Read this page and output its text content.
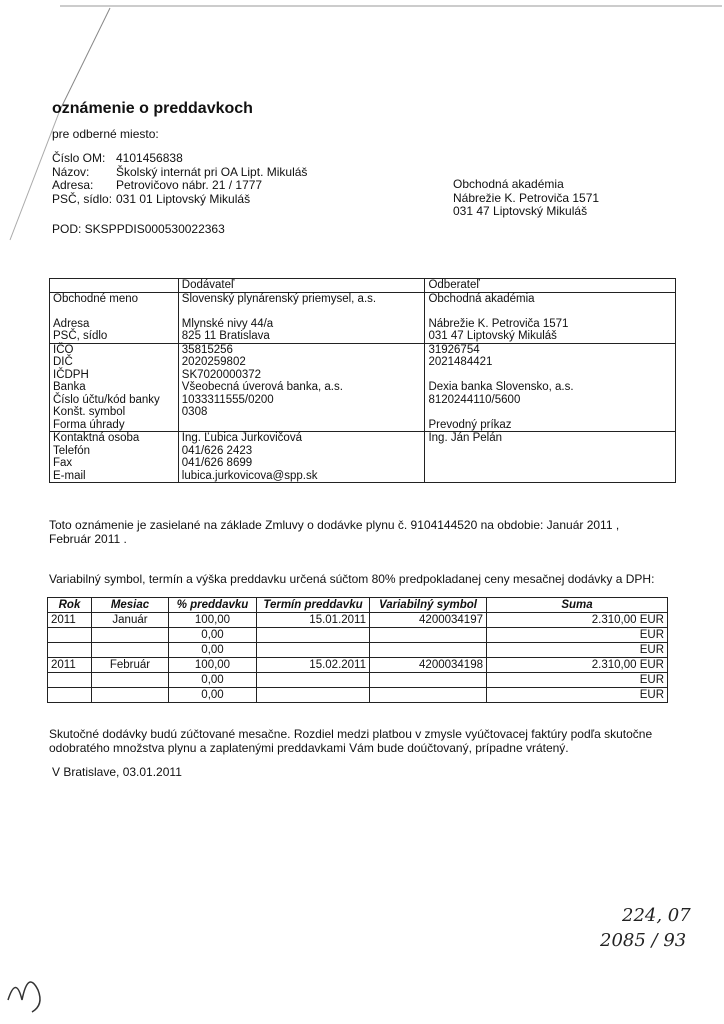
oznámenie o preddavkoch
pre odberné miesto:
Číslo OM: 4101456838
Názov: Školský internát pri OA Lipt. Mikuláš
Adresa: Petrovičovo nábr. 21 / 1777
PSČ, sídlo: 031 01 Liptovský Mikuláš
Obchodná akadémia
Nábrežie K. Petroviča 1571
031 47 Liptovský Mikuláš
POD: SKSPPDIS000530022363
	Dodávateľ	Odberateľ
Obchodné meno	Slovenský plynárenský priemysel, a.s.	Obchodná akadémia

Adresa	Mlynské nivy 44/a	Nábrežie K. Petroviča 1571
PSČ, sídlo	825 11 Bratislava	031 47 Liptovský Mikuláš
IČO	35815256	31926754
DIČ	2020259802	2021484421
IČDPH	SK7020000372	
Banka	Všeobecná úverová banka, a.s.	Dexia banka Slovensko, a.s.
Číslo účtu/kód banky	1033311555/0200	8120244110/5600
Konšt. symbol	0308	
Forma úhrady		Prevodný príkaz
Kontaktná osoba	Ing. Ľubica Jurkovičová	Ing. Ján Pelán
Telefón	041/626 2423	
Fax	041/626 8699	
E-mail	lubica.jurkovicova@spp.sk	
Toto oznámenie je zasielané na základe Zmluvy o dodávke plynu č. 9104144520 na obdobie: Január 2011 ,
Február 2011 .
Variabilný symbol, termín a výška preddavku určená súčtom 80% predpokladanej ceny mesačnej dodávky a DPH:
Rok	Mesiac	% preddavku	Termín preddavku	Variabilný symbol	Suma
2011	Január	100,00	15.01.2011	4200034197	2.310,00 EUR
		0,00			EUR
		0,00			EUR
2011	Február	100,00	15.02.2011	4200034198	2.310,00 EUR
		0,00			EUR
		0,00			EUR
Skutočné dodávky budú zúčtované mesačne. Rozdiel medzi platbou v zmysle vyúčtovacej faktúry podľa skutočne
odobratého množstva plynu a zaplatenými preddavkami Vám bude doúčtovaný, prípadne vrátený.
V Bratislave, 03.01.2011
224, 07
2085 / 93
